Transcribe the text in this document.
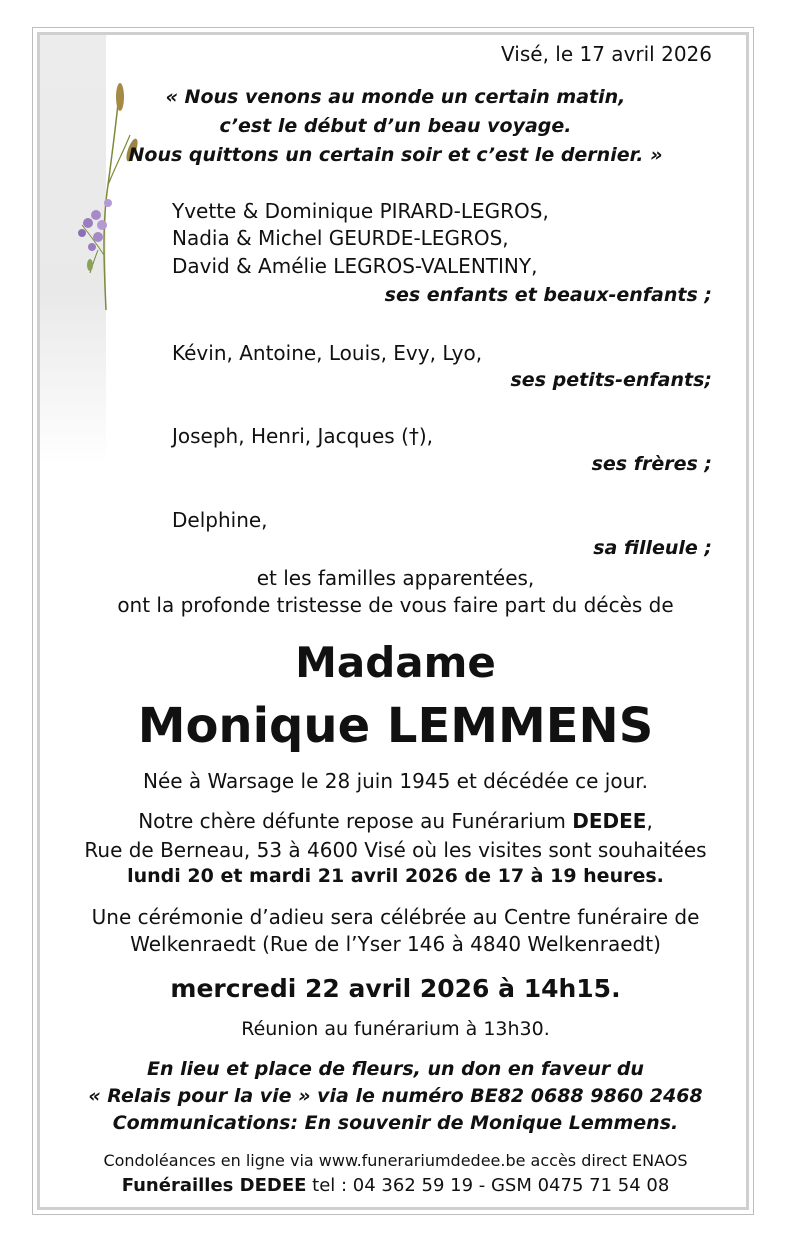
Visé, le 17 avril 2026
« Nous venons au monde un certain matin,
c’est le début d’un beau voyage.
Nous quittons un certain soir et c’est le dernier. »
Yvette & Dominique PIRARD-LEGROS,
Nadia & Michel GEURDE-LEGROS,
David & Amélie LEGROS-VALENTINY,
ses enfants et beaux-enfants ;
Kévin, Antoine, Louis, Evy, Lyo,
ses petits-enfants;
Joseph, Henri, Jacques (†),
ses frères ;
Delphine,
sa filleule ;
et les familles apparentées,
ont la profonde tristesse de vous faire part du décès de
Madame
Monique LEMMENS
Née à Warsage le 28 juin 1945 et décédée ce jour.
Notre chère défunte repose au Funérarium DEDEE,
Rue de Berneau, 53 à 4600 Visé où les visites sont souhaitées
lundi 20 et mardi 21 avril 2026 de 17 à 19 heures.
Une cérémonie d’adieu sera célébrée au Centre funéraire de
Welkenraedt (Rue de l’Yser 146 à 4840 Welkenraedt)
mercredi 22 avril 2026 à 14h15.
Réunion au funérarium à 13h30.
En lieu et place de fleurs, un don en faveur du
« Relais pour la vie » via le numéro BE82 0688 9860 2468
Communications: En souvenir de Monique Lemmens.
Condoléances en ligne via www.funerariumdedee.be accès direct ENAOS
Funérailles DEDEE tel : 04 362 59 19 - GSM 0475 71 54 08
